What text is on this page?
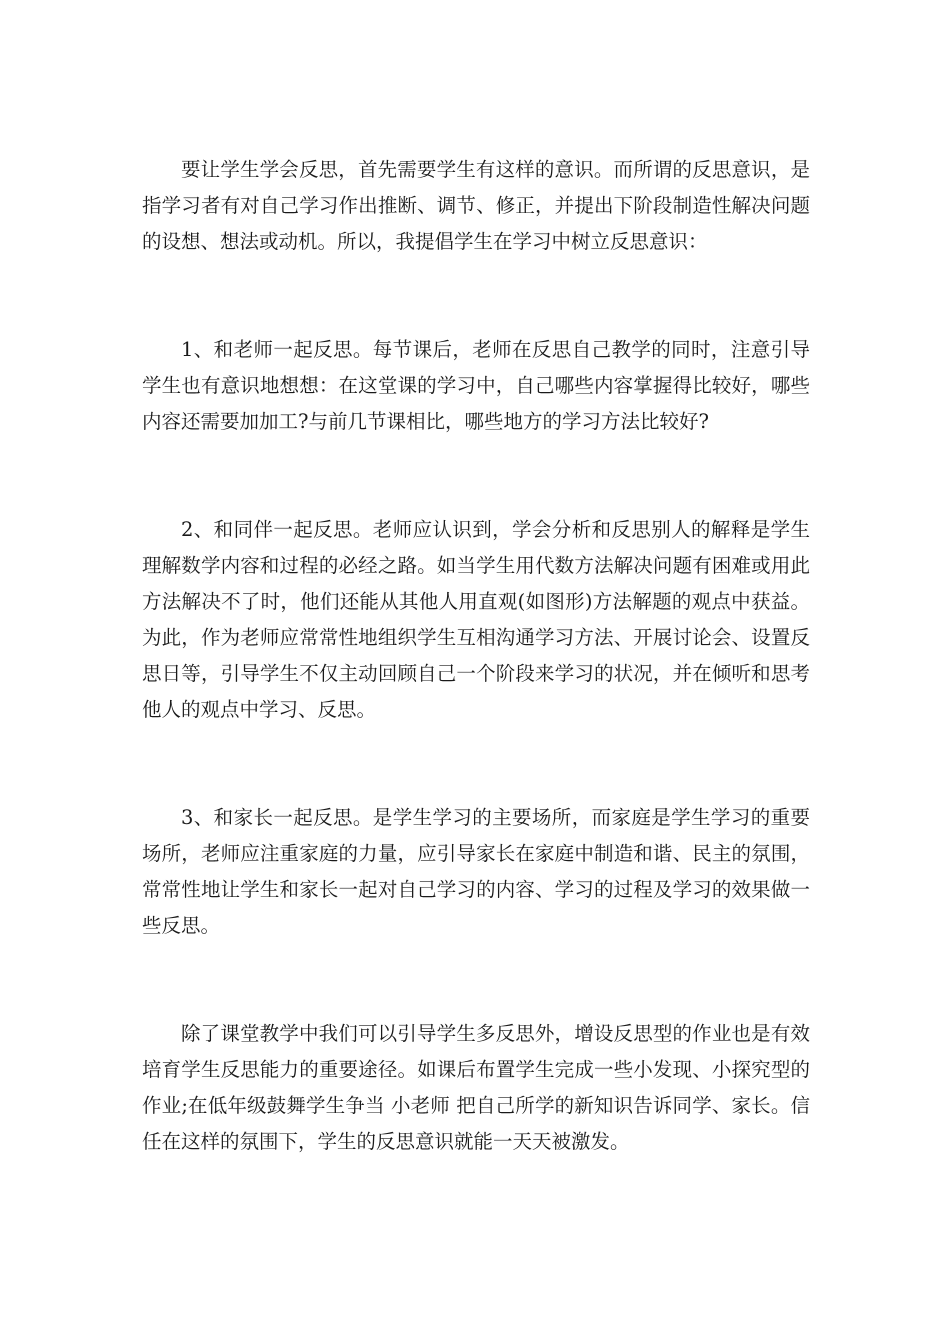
要让学生学会反思，首先需要学生有这样的意识。而所谓的反思意识，是指学习者有对自己学习作出推断、调节、修正，并提出下阶段制造性解决问题的设想、想法或动机。所以，我提倡学生在学习中树立反思意识：

1、和老师一起反思。每节课后，老师在反思自己教学的同时，注意引导学生也有意识地想想：在这堂课的学习中，自己哪些内容掌握得比较好，哪些内容还需要加加工?与前几节课相比，哪些地方的学习方法比较好?

2、和同伴一起反思。老师应认识到，学会分析和反思别人的解释是学生理解数学内容和过程的必经之路。如当学生用代数方法解决问题有困难或用此方法解决不了时，他们还能从其他人用直观(如图形)方法解题的观点中获益。为此，作为老师应常常性地组织学生互相沟通学习方法、开展讨论会、设置反思日等，引导学生不仅主动回顾自己一个阶段来学习的状况，并在倾听和思考他人的观点中学习、反思。

3、和家长一起反思。是学生学习的主要场所，而家庭是学生学习的重要场所，老师应注重家庭的力量，应引导家长在家庭中制造和谐、民主的氛围，常常性地让学生和家长一起对自己学习的内容、学习的过程及学习的效果做一些反思。

除了课堂教学中我们可以引导学生多反思外，增设反思型的作业也是有效培育学生反思能力的重要途径。如课后布置学生完成一些小发现、小探究型的作业;在低年级鼓舞学生争当 小老师 把自己所学的新知识告诉同学、家长。信任在这样的氛围下，学生的反思意识就能一天天被激发。
